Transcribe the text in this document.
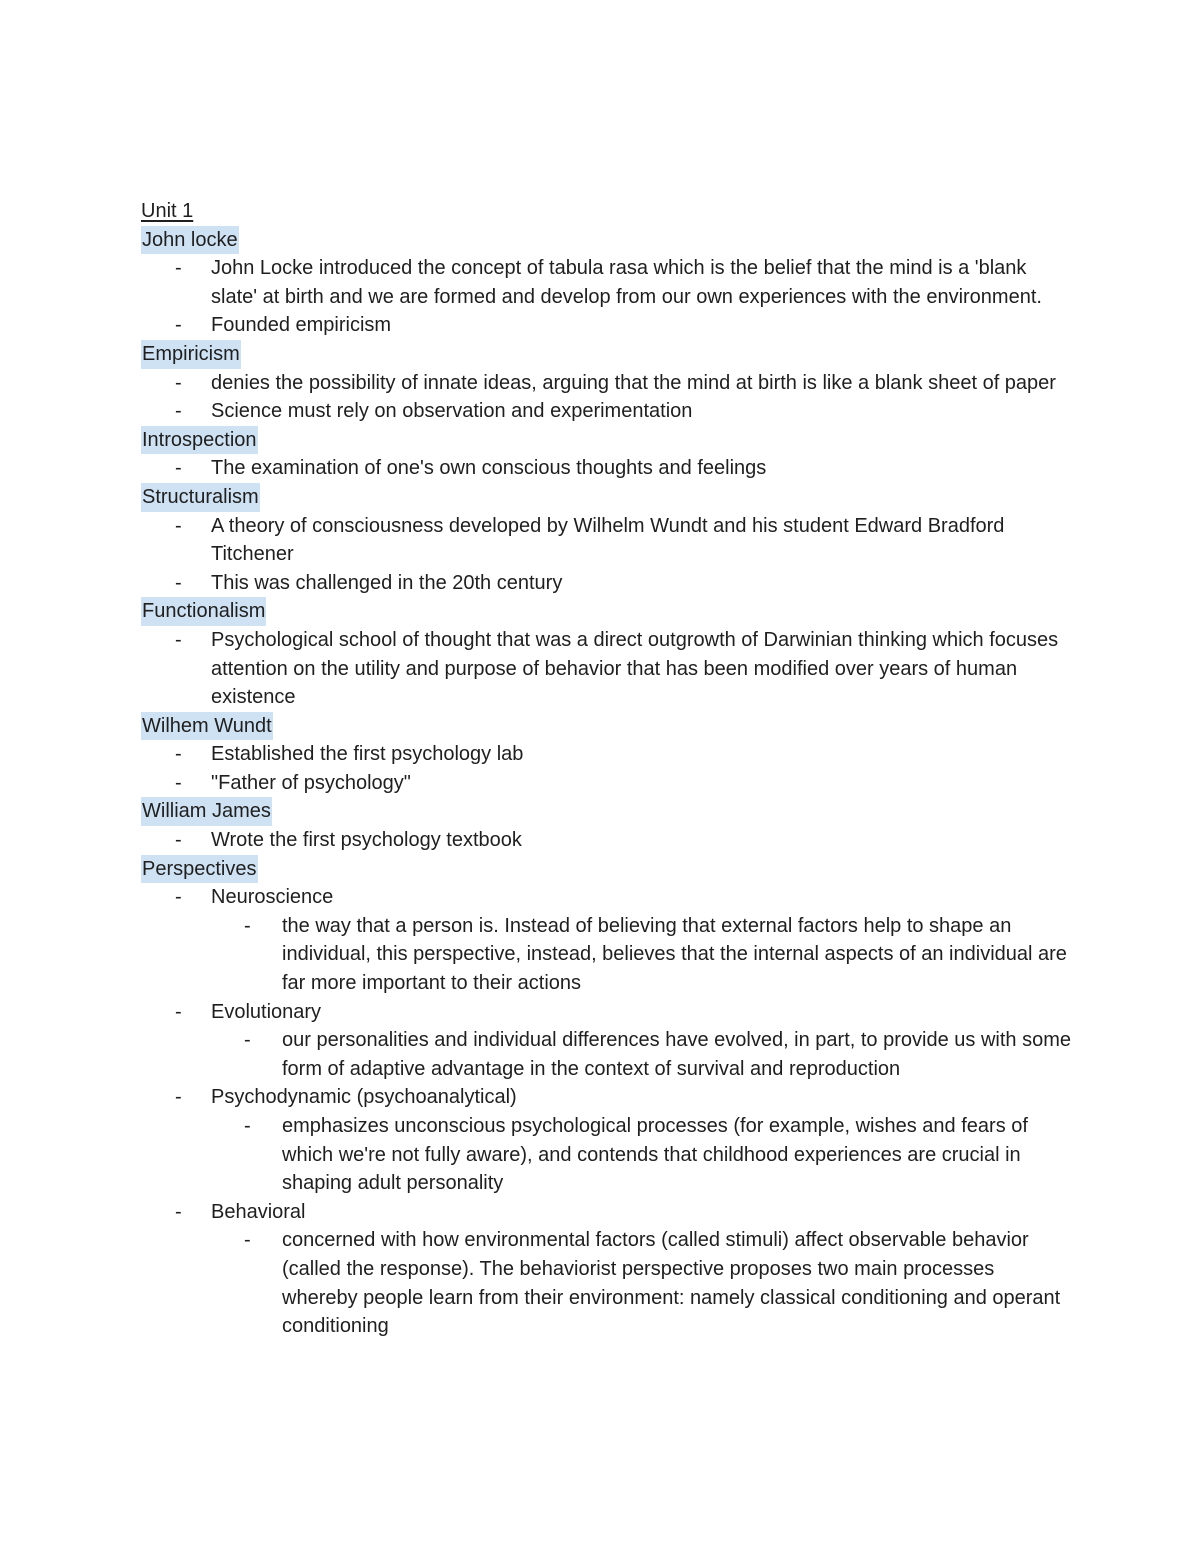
Unit 1
John locke
- John Locke introduced the concept of tabula rasa which is the belief that the mind is a 'blank slate' at birth and we are formed and develop from our own experiences with the environment.
- Founded empiricism
Empiricism
- denies the possibility of innate ideas, arguing that the mind at birth is like a blank sheet of paper
- Science must rely on observation and experimentation
Introspection
- The examination of one's own conscious thoughts and feelings
Structuralism
- A theory of consciousness developed by Wilhelm Wundt and his student Edward Bradford Titchener
- This was challenged in the 20th century
Functionalism
- Psychological school of thought that was a direct outgrowth of Darwinian thinking which focuses attention on the utility and purpose of behavior that has been modified over years of human existence
Wilhem Wundt
- Established the first psychology lab
- "Father of psychology"
William James
- Wrote the first psychology textbook
Perspectives
- Neuroscience
- the way that a person is. Instead of believing that external factors help to shape an individual, this perspective, instead, believes that the internal aspects of an individual are far more important to their actions
- Evolutionary
- our personalities and individual differences have evolved, in part, to provide us with some form of adaptive advantage in the context of survival and reproduction
- Psychodynamic (psychoanalytical)
- emphasizes unconscious psychological processes (for example, wishes and fears of which we're not fully aware), and contends that childhood experiences are crucial in shaping adult personality
- Behavioral
- concerned with how environmental factors (called stimuli) affect observable behavior (called the response). The behaviorist perspective proposes two main processes whereby people learn from their environment: namely classical conditioning and operant conditioning
